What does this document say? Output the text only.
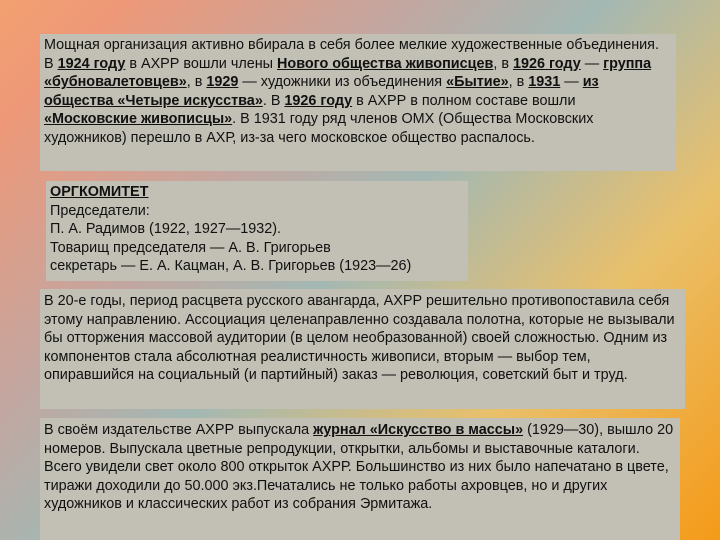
Мощная организация активно вбирала в себя более мелкие художественные объединения. В 1924 году в АХРР вошли члены Нового общества живописцев, в 1926 году — группа «бубновалетовцев», в 1929 — художники из объединения «Бытие», в 1931 — из общества «Четыре искусства». В 1926 году в АХРР в полном составе вошли «Московские живописцы». В 1931 году ряд членов ОМХ (Общества Московских художников) перешло в АХР, из-за чего московское общество распалось.

ОРГКОМИТЕТ
Председатели:
П. А. Радимов (1922, 1927—1932).
Товарищ председателя — А. В. Григорьев
секретарь — Е. А. Кацман, А. В. Григорьев (1923—26)

В 20-е годы, период расцвета русского авангарда, АХРР решительно противопоставила себя этому направлению. Ассоциация целенаправленно создавала полотна, которые не вызывали бы отторжения массовой аудитории (в целом необразованной) своей сложностью. Одним из компонентов стала абсолютная реалистичность живописи, вторым — выбор тем, опиравшийся на социальный (и партийный) заказ — революция, советский быт и труд.

В своём издательстве АХРР выпускала журнал «Искусство в массы» (1929—30), вышло 20 номеров. Выпускала цветные репродукции, открытки, альбомы и выставочные каталоги. Всего увидели свет около 800 открыток АХРР. Большинство из них было напечатано в цвете, тиражи доходили до 50.000 экз.Печатались не только работы ахровцев, но и других художников и классических работ из собрания Эрмитажа.
